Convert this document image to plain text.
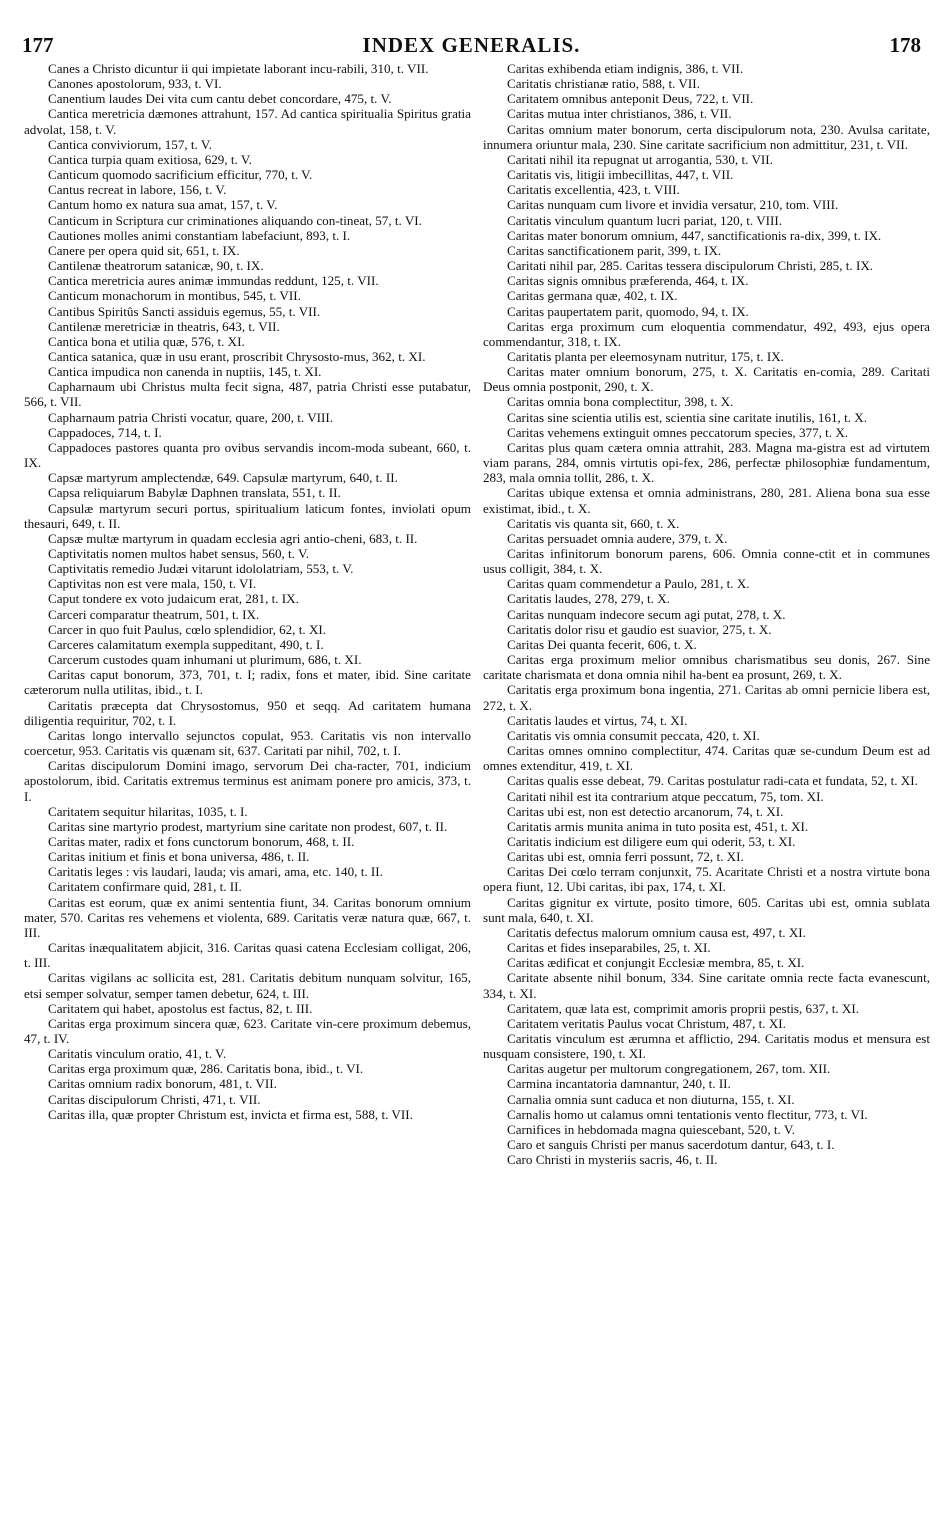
177	INDEX GENERALIS.	178

Canes a Christo dicuntur ii qui impietate laborant incu-rabili, 310, t. VII.

Canones apostolorum, 933, t. VI.

Canentium laudes Dei vita cum cantu debet concordare, 475, t. V.

Cantica meretricia dæmones attrahunt, 157. Ad cantica spiritualia Spiritus gratia advolat, 158, t. V.

Cantica conviviorum, 157, t. V.

Cantica turpia quam exitiosa, 629, t. V.

Canticum quomodo sacrificium efficitur, 770, t. V.

Cantus recreat in labore, 156, t. V.

Cantum homo ex natura sua amat, 157, t. V.

Canticum in Scriptura cur criminationes aliquando con-tineat, 57, t. VI.

Cautiones molles animi constantiam labefaciunt, 893, t. I.

Canere per opera quid sit, 651, t. IX.

Cantilenæ theatrorum satanicæ, 90, t. IX.

Cantica meretricia aures animæ immundas reddunt, 125, t. VII.

Canticum monachorum in montibus, 545, t. VII.

Cantibus Spiritûs Sancti assiduis egemus, 55, t. VII.

Cantilenæ meretriciæ in theatris, 643, t. VII.

Cantica bona et utilia quæ, 576, t. XI.

Cantica satanica, quæ in usu erant, proscribit Chrysosto-mus, 362, t. XI.

Cantica impudica non canenda in nuptiis, 145, t. XI.

Capharnaum ubi Christus multa fecit signa, 487, patria Christi esse putabatur, 566, t. VII.

Capharnaum patria Christi vocatur, quare, 200, t. VIII.

Cappadoces, 714, t. I.

Cappadoces pastores quanta pro ovibus servandis incom-moda subeant, 660, t. IX.

Capsæ martyrum amplectendæ, 649. Capsulæ martyrum, 640, t. II.

Capsa reliquiarum Babylæ Daphnen translata, 551, t. II.

Capsulæ martyrum securi portus, spiritualium laticum fontes, inviolati opum thesauri, 649, t. II.

Capsæ multæ martyrum in quadam ecclesia agri antio-cheni, 683, t. II.

Captivitatis nomen multos habet sensus, 560, t. V.

Captivitatis remedio Judæi vitarunt idololatriam, 553, t. V.

Captivitas non est vere mala, 150, t. VI.

Caput tondere ex voto judaicum erat, 281, t. IX.

Carceri comparatur theatrum, 501, t. IX.

Carcer in quo fuit Paulus, cœlo splendidior, 62, t. XI.

Carceres calamitatum exempla suppeditant, 490, t. I.

Carcerum custodes quam inhumani ut plurimum, 686, t. XI.

Caritas caput bonorum, 373, 701, t. I; radix, fons et mater, ibid. Sine caritate cæterorum nulla utilitas, ibid., t. I.

Caritatis præcepta dat Chrysostomus, 950 et seqq. Ad caritatem humana diligentia requiritur, 702, t. I.

Caritas longo intervallo sejunctos copulat, 953. Caritatis vis non intervallo coercetur, 953. Caritatis vis quænam sit, 637. Caritati par nihil, 702, t. I.

Caritas discipulorum Domini imago, servorum Dei cha-racter, 701, indicium apostolorum, ibid. Caritatis extremus terminus est animam ponere pro amicis, 373, t. I.

Caritatem sequitur hilaritas, 1035, t. I.

Caritas sine martyrio prodest, martyrium sine caritate non prodest, 607, t. II.

Caritas mater, radix et fons cunctorum bonorum, 468, t. II.

Caritas initium et finis et bona universa, 486, t. II.

Caritatis leges : vis laudari, lauda; vis amari, ama, etc. 140, t. II.

Caritatem confirmare quid, 281, t. II.

Caritas est eorum, quæ ex animi sententia fiunt, 34. Caritas bonorum omnium mater, 570. Caritas res vehemens et violenta, 689. Caritatis veræ natura quæ, 667, t. III.

Caritas inæqualitatem abjicit, 316. Caritas quasi catena Ecclesiam colligat, 206, t. III.

Caritas vigilans ac sollicita est, 281. Caritatis debitum nunquam solvitur, 165, etsi semper solvatur, semper tamen debetur, 624, t. III.

Caritatem qui habet, apostolus est factus, 82, t. III.

Caritas erga proximum sincera quæ, 623. Caritate vin-cere proximum debemus, 47, t. IV.

Caritatis vinculum oratio, 41, t. V.

Caritas erga proximum quæ, 286. Caritatis bona, ibid., t. VI.

Caritas omnium radix bonorum, 481, t. VII.

Caritas discipulorum Christi, 471, t. VII.

Caritas illa, quæ propter Christum est, invicta et firma est, 588, t. VII.

Caritas exhibenda etiam indignis, 386, t. VII.

Caritatis christianæ ratio, 588, t. VII.

Caritatem omnibus anteponit Deus, 722, t. VII.

Caritas mutua inter christianos, 386, t. VII.

Caritas omnium mater bonorum, certa discipulorum nota, 230. Avulsa caritate, innumera oriuntur mala, 230. Sine caritate sacrificium non admittitur, 231, t. VII.

Caritati nihil ita repugnat ut arrogantia, 530, t. VII.

Caritatis vis, litigii imbecillitas, 447, t. VII.

Caritatis excellentia, 423, t. VIII.

Caritas nunquam cum livore et invidia versatur, 210, tom. VIII.

Caritatis vinculum quantum lucri pariat, 120, t. VIII.

Caritas mater bonorum omnium, 447, sanctificationis ra-dix, 399, t. IX.

Caritas sanctificationem parit, 399, t. IX.

Caritati nihil par, 285. Caritas tessera discipulorum Christi, 285, t. IX.

Caritas signis omnibus præferenda, 464, t. IX.

Caritas germana quæ, 402, t. IX.

Caritas paupertatem parit, quomodo, 94, t. IX.

Caritas erga proximum cum eloquentia commendatur, 492, 493, ejus opera commendantur, 318, t. IX.

Caritatis planta per eleemosynam nutritur, 175, t. IX.

Caritas mater omnium bonorum, 275, t. X. Caritatis en-comia, 289. Caritati Deus omnia postponit, 290, t. X.

Caritas omnia bona complectitur, 398, t. X.

Caritas sine scientia utilis est, scientia sine caritate inutilis, 161, t. X.

Caritas vehemens extinguit omnes peccatorum species, 377, t. X.

Caritas plus quam cætera omnia attrahit, 283. Magna ma-gistra est ad virtutem viam parans, 284, omnis virtutis opi-fex, 286, perfectæ philosophiæ fundamentum, 283, mala omnia tollit, 286, t. X.

Caritas ubique extensa et omnia administrans, 280, 281. Aliena bona sua esse existimat, ibid., t. X.

Caritatis vis quanta sit, 660, t. X.

Caritas persuadet omnia audere, 379, t. X.

Caritas infinitorum bonorum parens, 606. Omnia conne-ctit et in communes usus colligit, 384, t. X.

Caritas quam commendetur a Paulo, 281, t. X.

Caritatis laudes, 278, 279, t. X.

Caritas nunquam indecore secum agi putat, 278, t. X.

Caritatis dolor risu et gaudio est suavior, 275, t. X.

Caritas Dei quanta fecerit, 606, t. X.

Caritas erga proximum melior omnibus charismatibus seu donis, 267. Sine caritate charismata et dona omnia nihil ha-bent ea prosunt, 269, t. X.

Caritatis erga proximum bona ingentia, 271. Caritas ab omni pernicie libera est, 272, t. X.

Caritatis laudes et virtus, 74, t. XI.

Caritatis vis omnia consumit peccata, 420, t. XI.

Caritas omnes omnino complectitur, 474. Caritas quæ se-cundum Deum est ad omnes extenditur, 419, t. XI.

Caritas qualis esse debeat, 79. Caritas postulatur radi-cata et fundata, 52, t. XI.

Caritati nihil est ita contrarium atque peccatum, 75, tom. XI.

Caritas ubi est, non est detectio arcanorum, 74, t. XI.

Caritatis armis munita anima in tuto posita est, 451, t. XI.

Caritatis indicium est diligere eum qui oderit, 53, t. XI.

Caritas ubi est, omnia ferri possunt, 72, t. XI.

Caritas Dei cœlo terram conjunxit, 75. Acaritate Christi et a nostra virtute bona opera fiunt, 12. Ubi caritas, ibi pax, 174, t. XI.

Caritas gignitur ex virtute, posito timore, 605. Caritas ubi est, omnia sublata sunt mala, 640, t. XI.

Caritatis defectus malorum omnium causa est, 497, t. XI.

Caritas et fides inseparabiles, 25, t. XI.

Caritas ædificat et conjungit Ecclesiæ membra, 85, t. XI.

Caritate absente nihil bonum, 334. Sine caritate omnia recte facta evanescunt, 334, t. XI.

Caritatem, quæ lata est, comprimit amoris proprii pestis, 637, t. XI.

Caritatem veritatis Paulus vocat Christum, 487, t. XI.

Caritatis vinculum est ærumna et afflictio, 294. Caritatis modus et mensura est nusquam consistere, 190, t. XI.

Caritas augetur per multorum congregationem, 267, tom. XII.

Carmina incantatoria damnantur, 240, t. II.

Carnalia omnia sunt caduca et non diuturna, 155, t. XI.

Carnalis homo ut calamus omni tentationis vento flectitur, 773, t. VI.

Carnifices in hebdomada magna quiescebant, 520, t. V.

Caro et sanguis Christi per manus sacerdotum dantur, 643, t. I.

Caro Christi in mysteriis sacris, 46, t. II.
